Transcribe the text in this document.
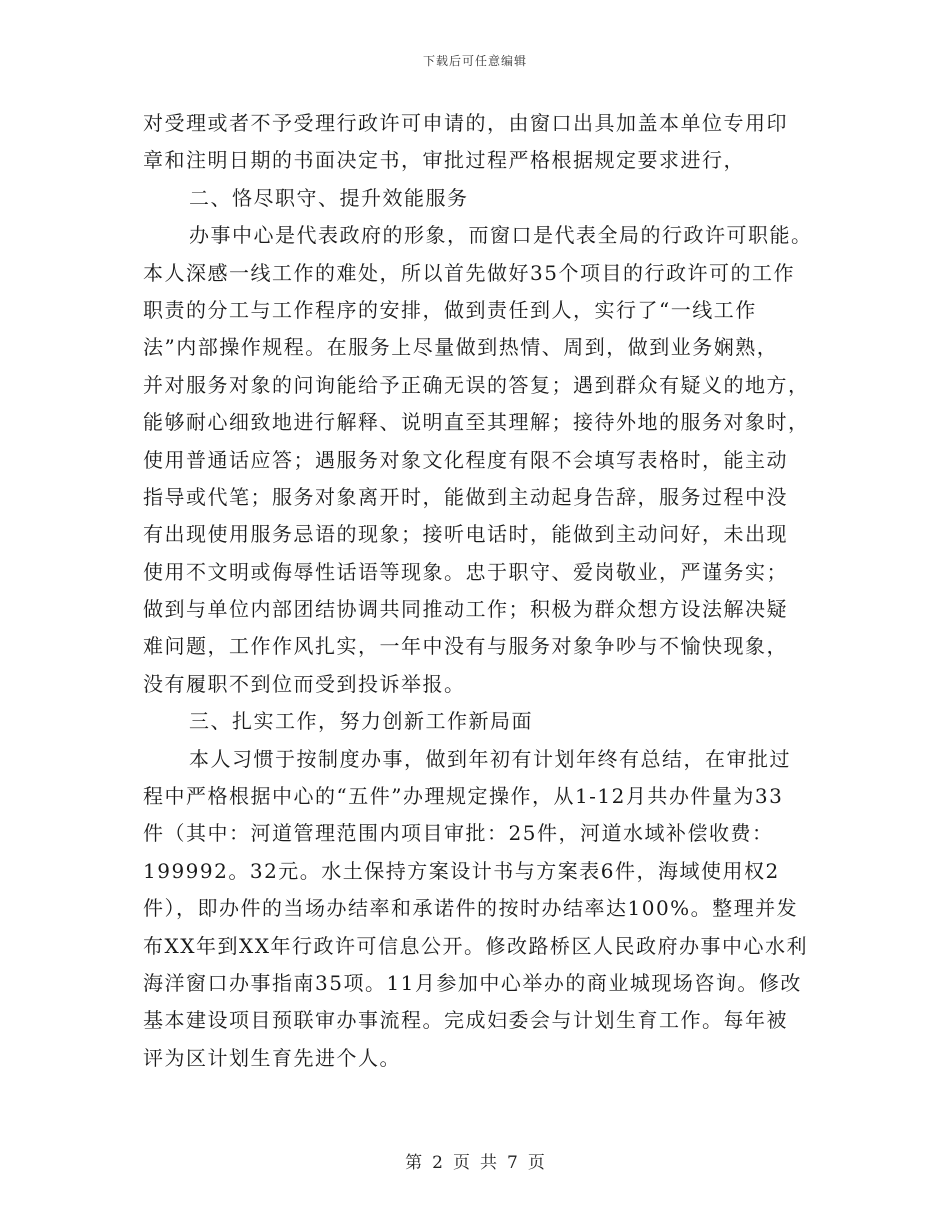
下载后可任意编辑
对受理或者不予受理行政许可申请的，由窗口出具加盖本单位专用印
章和注明日期的书面决定书，审批过程严格根据规定要求进行，
二、恪尽职守、提升效能服务
办事中心是代表政府的形象，而窗口是代表全局的行政许可职能。
本人深感一线工作的难处，所以首先做好35个项目的行政许可的工作
职责的分工与工作程序的安排，做到责任到人，实行了“一线工作
法”内部操作规程。在服务上尽量做到热情、周到，做到业务娴熟，
并对服务对象的问询能给予正确无误的答复；遇到群众有疑义的地方，
能够耐心细致地进行解释、说明直至其理解；接待外地的服务对象时，
使用普通话应答；遇服务对象文化程度有限不会填写表格时，能主动
指导或代笔；服务对象离开时，能做到主动起身告辞，服务过程中没
有出现使用服务忌语的现象；接听电话时，能做到主动问好，未出现
使用不文明或侮辱性话语等现象。忠于职守、爱岗敬业，严谨务实；
做到与单位内部团结协调共同推动工作；积极为群众想方设法解决疑
难问题，工作作风扎实，一年中没有与服务对象争吵与不愉快现象，
没有履职不到位而受到投诉举报。
三、扎实工作，努力创新工作新局面
本人习惯于按制度办事，做到年初有计划年终有总结，在审批过
程中严格根据中心的“五件”办理规定操作，从1-12月共办件量为33
件（其中：河道管理范围内项目审批：25件，河道水域补偿收费：
199992。32元。水土保持方案设计书与方案表6件，海域使用权2
件），即办件的当场办结率和承诺件的按时办结率达100%。整理并发
布XX年到XX年行政许可信息公开。修改路桥区人民政府办事中心水利
海洋窗口办事指南35项。11月参加中心举办的商业城现场咨询。修改
基本建设项目预联审办事流程。完成妇委会与计划生育工作。每年被
评为区计划生育先进个人。
第 2 页 共 7 页
